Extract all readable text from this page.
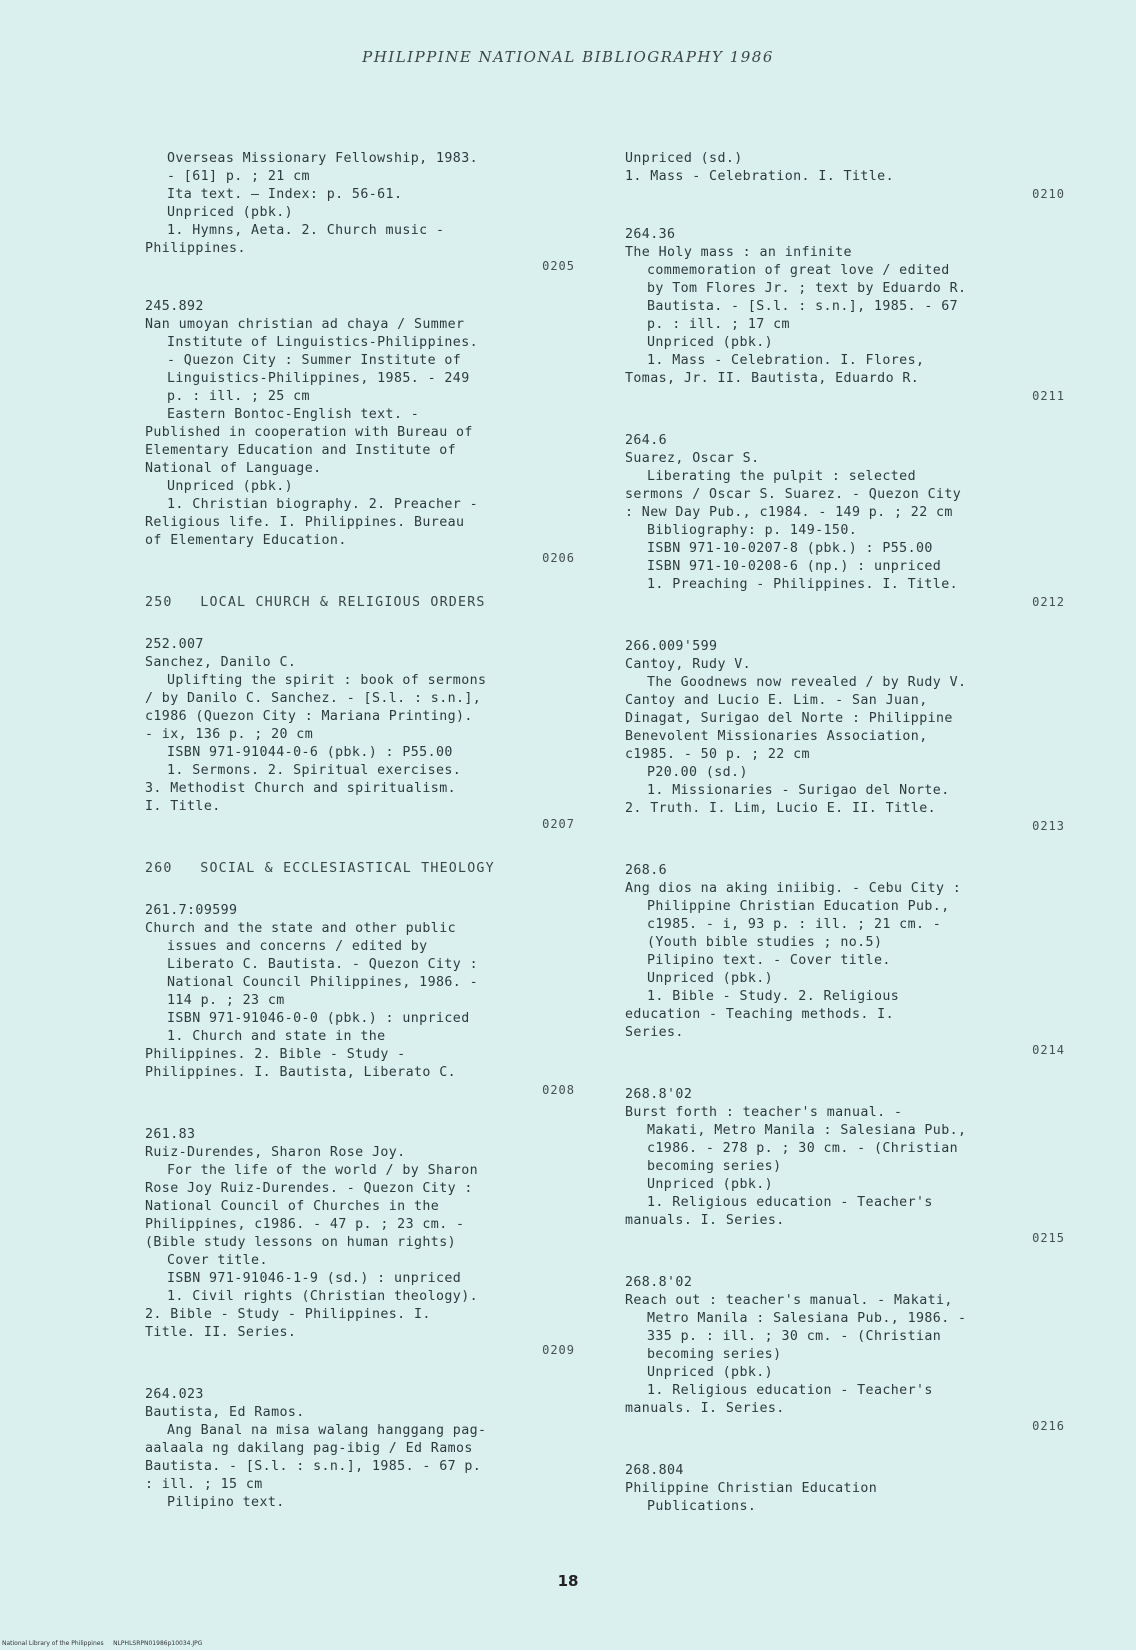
PHILIPPINE NATIONAL BIBLIOGRAPHY 1986
Overseas Missionary Fellowship, 1983.
- [61] p. ; 21 cm
Ita text. — Index: p. 56-61.
Unpriced (pbk.)
1. Hymns, Aeta. 2. Church music -
Philippines.
0205
245.892
Nan umoyan christian ad chaya / Summer
Institute of Linguistics-Philippines.
- Quezon City : Summer Institute of
Linguistics-Philippines, 1985. - 249
p. : ill. ; 25 cm
Eastern Bontoc-English text. -
Published in cooperation with Bureau of
Elementary Education and Institute of
National of Language.
Unpriced (pbk.)
1. Christian biography. 2. Preacher -
Religious life. I. Philippines. Bureau
of Elementary Education.
0206
250   LOCAL CHURCH & RELIGIOUS ORDERS
252.007
Sanchez, Danilo C.
Uplifting the spirit : book of sermons
/ by Danilo C. Sanchez. - [S.l. : s.n.],
c1986 (Quezon City : Mariana Printing).
- ix, 136 p. ; 20 cm
ISBN 971-91044-0-6 (pbk.) : P55.00
1. Sermons. 2. Spiritual exercises.
3. Methodist Church and spiritualism.
I. Title.
0207
260   SOCIAL & ECCLESIASTICAL THEOLOGY
261.7:09599
Church and the state and other public
issues and concerns / edited by
Liberato C. Bautista. - Quezon City :
National Council Philippines, 1986. -
114 p. ; 23 cm
ISBN 971-91046-0-0 (pbk.) : unpriced
1. Church and state in the
Philippines. 2. Bible - Study -
Philippines. I. Bautista, Liberato C.
0208
261.83
Ruiz-Durendes, Sharon Rose Joy.
For the life of the world / by Sharon
Rose Joy Ruiz-Durendes. - Quezon City :
National Council of Churches in the
Philippines, c1986. - 47 p. ; 23 cm. -
(Bible study lessons on human rights)
Cover title.
ISBN 971-91046-1-9 (sd.) : unpriced
1. Civil rights (Christian theology).
2. Bible - Study - Philippines. I.
Title. II. Series.
0209
264.023
Bautista, Ed Ramos.
Ang Banal na misa walang hanggang pag-
aalaala ng dakilang pag-ibig / Ed Ramos
Bautista. - [S.l. : s.n.], 1985. - 67 p.
: ill. ; 15 cm
Pilipino text.
Unpriced (sd.)
1. Mass - Celebration. I. Title.
0210
264.36
The Holy mass : an infinite
commemoration of great love / edited
by Tom Flores Jr. ; text by Eduardo R.
Bautista. - [S.l. : s.n.], 1985. - 67
p. : ill. ; 17 cm
Unpriced (pbk.)
1. Mass - Celebration. I. Flores,
Tomas, Jr. II. Bautista, Eduardo R.
0211
264.6
Suarez, Oscar S.
Liberating the pulpit : selected
sermons / Oscar S. Suarez. - Quezon City
: New Day Pub., c1984. - 149 p. ; 22 cm
Bibliography: p. 149-150.
ISBN 971-10-0207-8 (pbk.) : P55.00
ISBN 971-10-0208-6 (np.) : unpriced
1. Preaching - Philippines. I. Title.
0212
266.009'599
Cantoy, Rudy V.
The Goodnews now revealed / by Rudy V.
Cantoy and Lucio E. Lim. - San Juan,
Dinagat, Surigao del Norte : Philippine
Benevolent Missionaries Association,
c1985. - 50 p. ; 22 cm
P20.00 (sd.)
1. Missionaries - Surigao del Norte.
2. Truth. I. Lim, Lucio E. II. Title.
0213
268.6
Ang dios na aking iniibig. - Cebu City :
Philippine Christian Education Pub.,
c1985. - i, 93 p. : ill. ; 21 cm. -
(Youth bible studies ; no.5)
Pilipino text. - Cover title.
Unpriced (pbk.)
1. Bible - Study. 2. Religious
education - Teaching methods. I.
Series.
0214
268.8'02
Burst forth : teacher's manual. -
Makati, Metro Manila : Salesiana Pub.,
c1986. - 278 p. ; 30 cm. - (Christian
becoming series)
Unpriced (pbk.)
1. Religious education - Teacher's
manuals. I. Series.
0215
268.8'02
Reach out : teacher's manual. - Makati,
Metro Manila : Salesiana Pub., 1986. -
335 p. : ill. ; 30 cm. - (Christian
becoming series)
Unpriced (pbk.)
1. Religious education - Teacher's
manuals. I. Series.
0216
268.804
Philippine Christian Education
Publications.
18
National Library of the Philippines     NLPHLSRPN01986p10034.JPG
